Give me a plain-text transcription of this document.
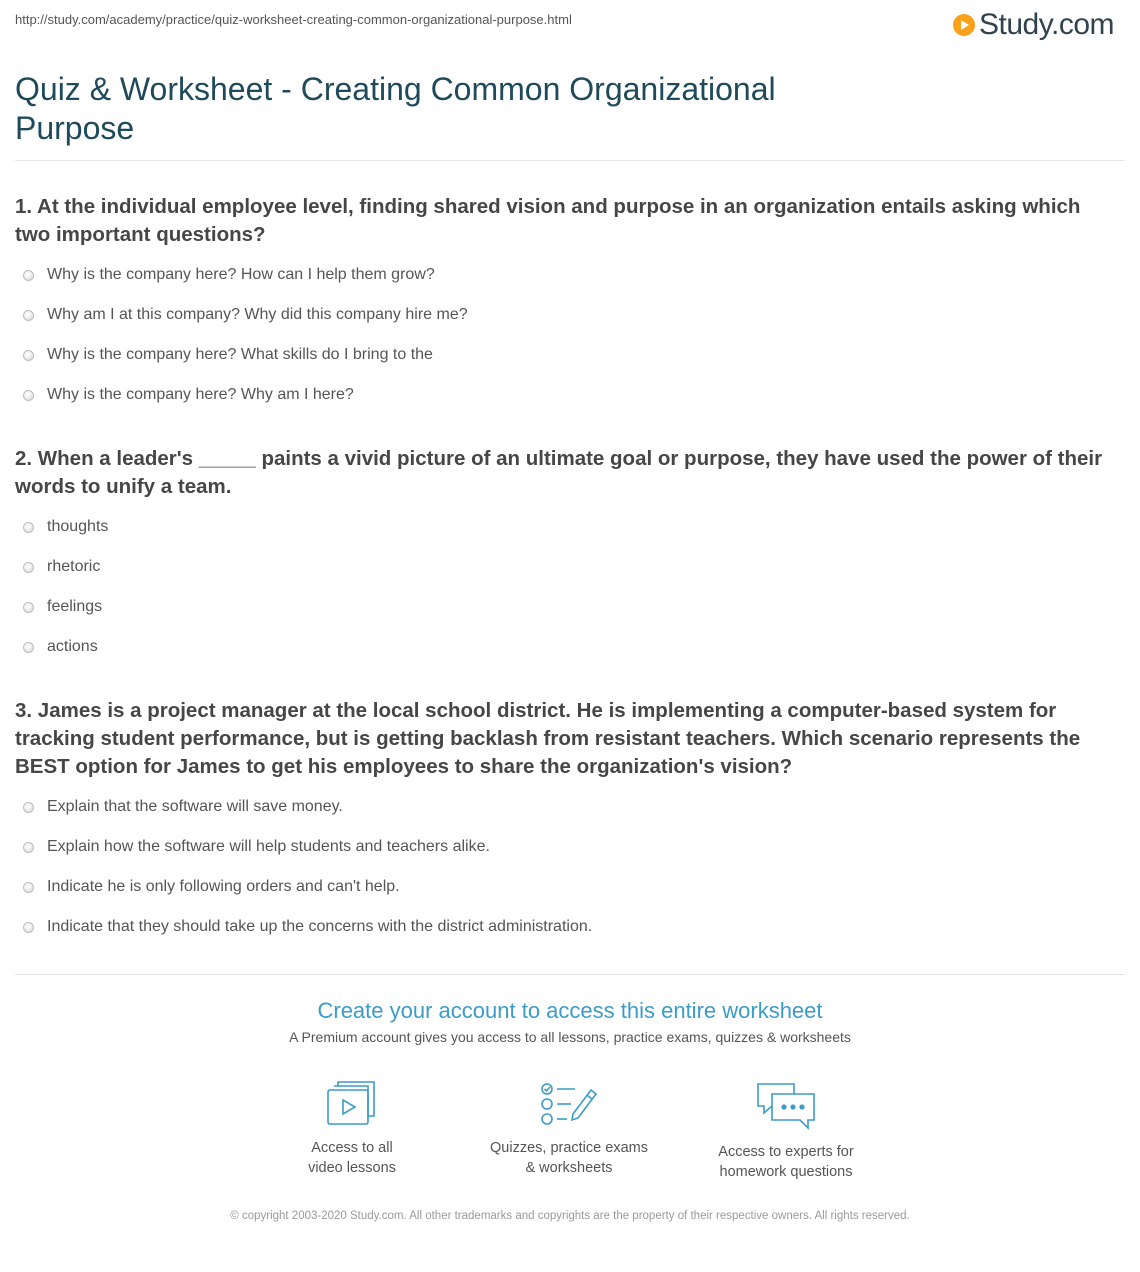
http://study.com/academy/practice/quiz-worksheet-creating-common-organizational-purpose.html	Study.com
Quiz & Worksheet - Creating Common Organizational Purpose
1. At the individual employee level, finding shared vision and purpose in an organization entails asking which two important questions?
Why is the company here? How can I help them grow?
Why am I at this company? Why did this company hire me?
Why is the company here? What skills do I bring to the
Why is the company here? Why am I here?
2. When a leader's _____ paints a vivid picture of an ultimate goal or purpose, they have used the power of their words to unify a team.
thoughts
rhetoric
feelings
actions
3. James is a project manager at the local school district. He is implementing a computer-based system for tracking student performance, but is getting backlash from resistant teachers. Which scenario represents the BEST option for James to get his employees to share the organization's vision?
Explain that the software will save money.
Explain how the software will help students and teachers alike.
Indicate he is only following orders and can't help.
Indicate that they should take up the concerns with the district administration.
Create your account to access this entire worksheet
A Premium account gives you access to all lessons, practice exams, quizzes & worksheets
Access to all
video lessons
Quizzes, practice exams
& worksheets
Access to experts for
homework questions
© copyright 2003-2020 Study.com. All other trademarks and copyrights are the property of their respective owners. All rights reserved.
